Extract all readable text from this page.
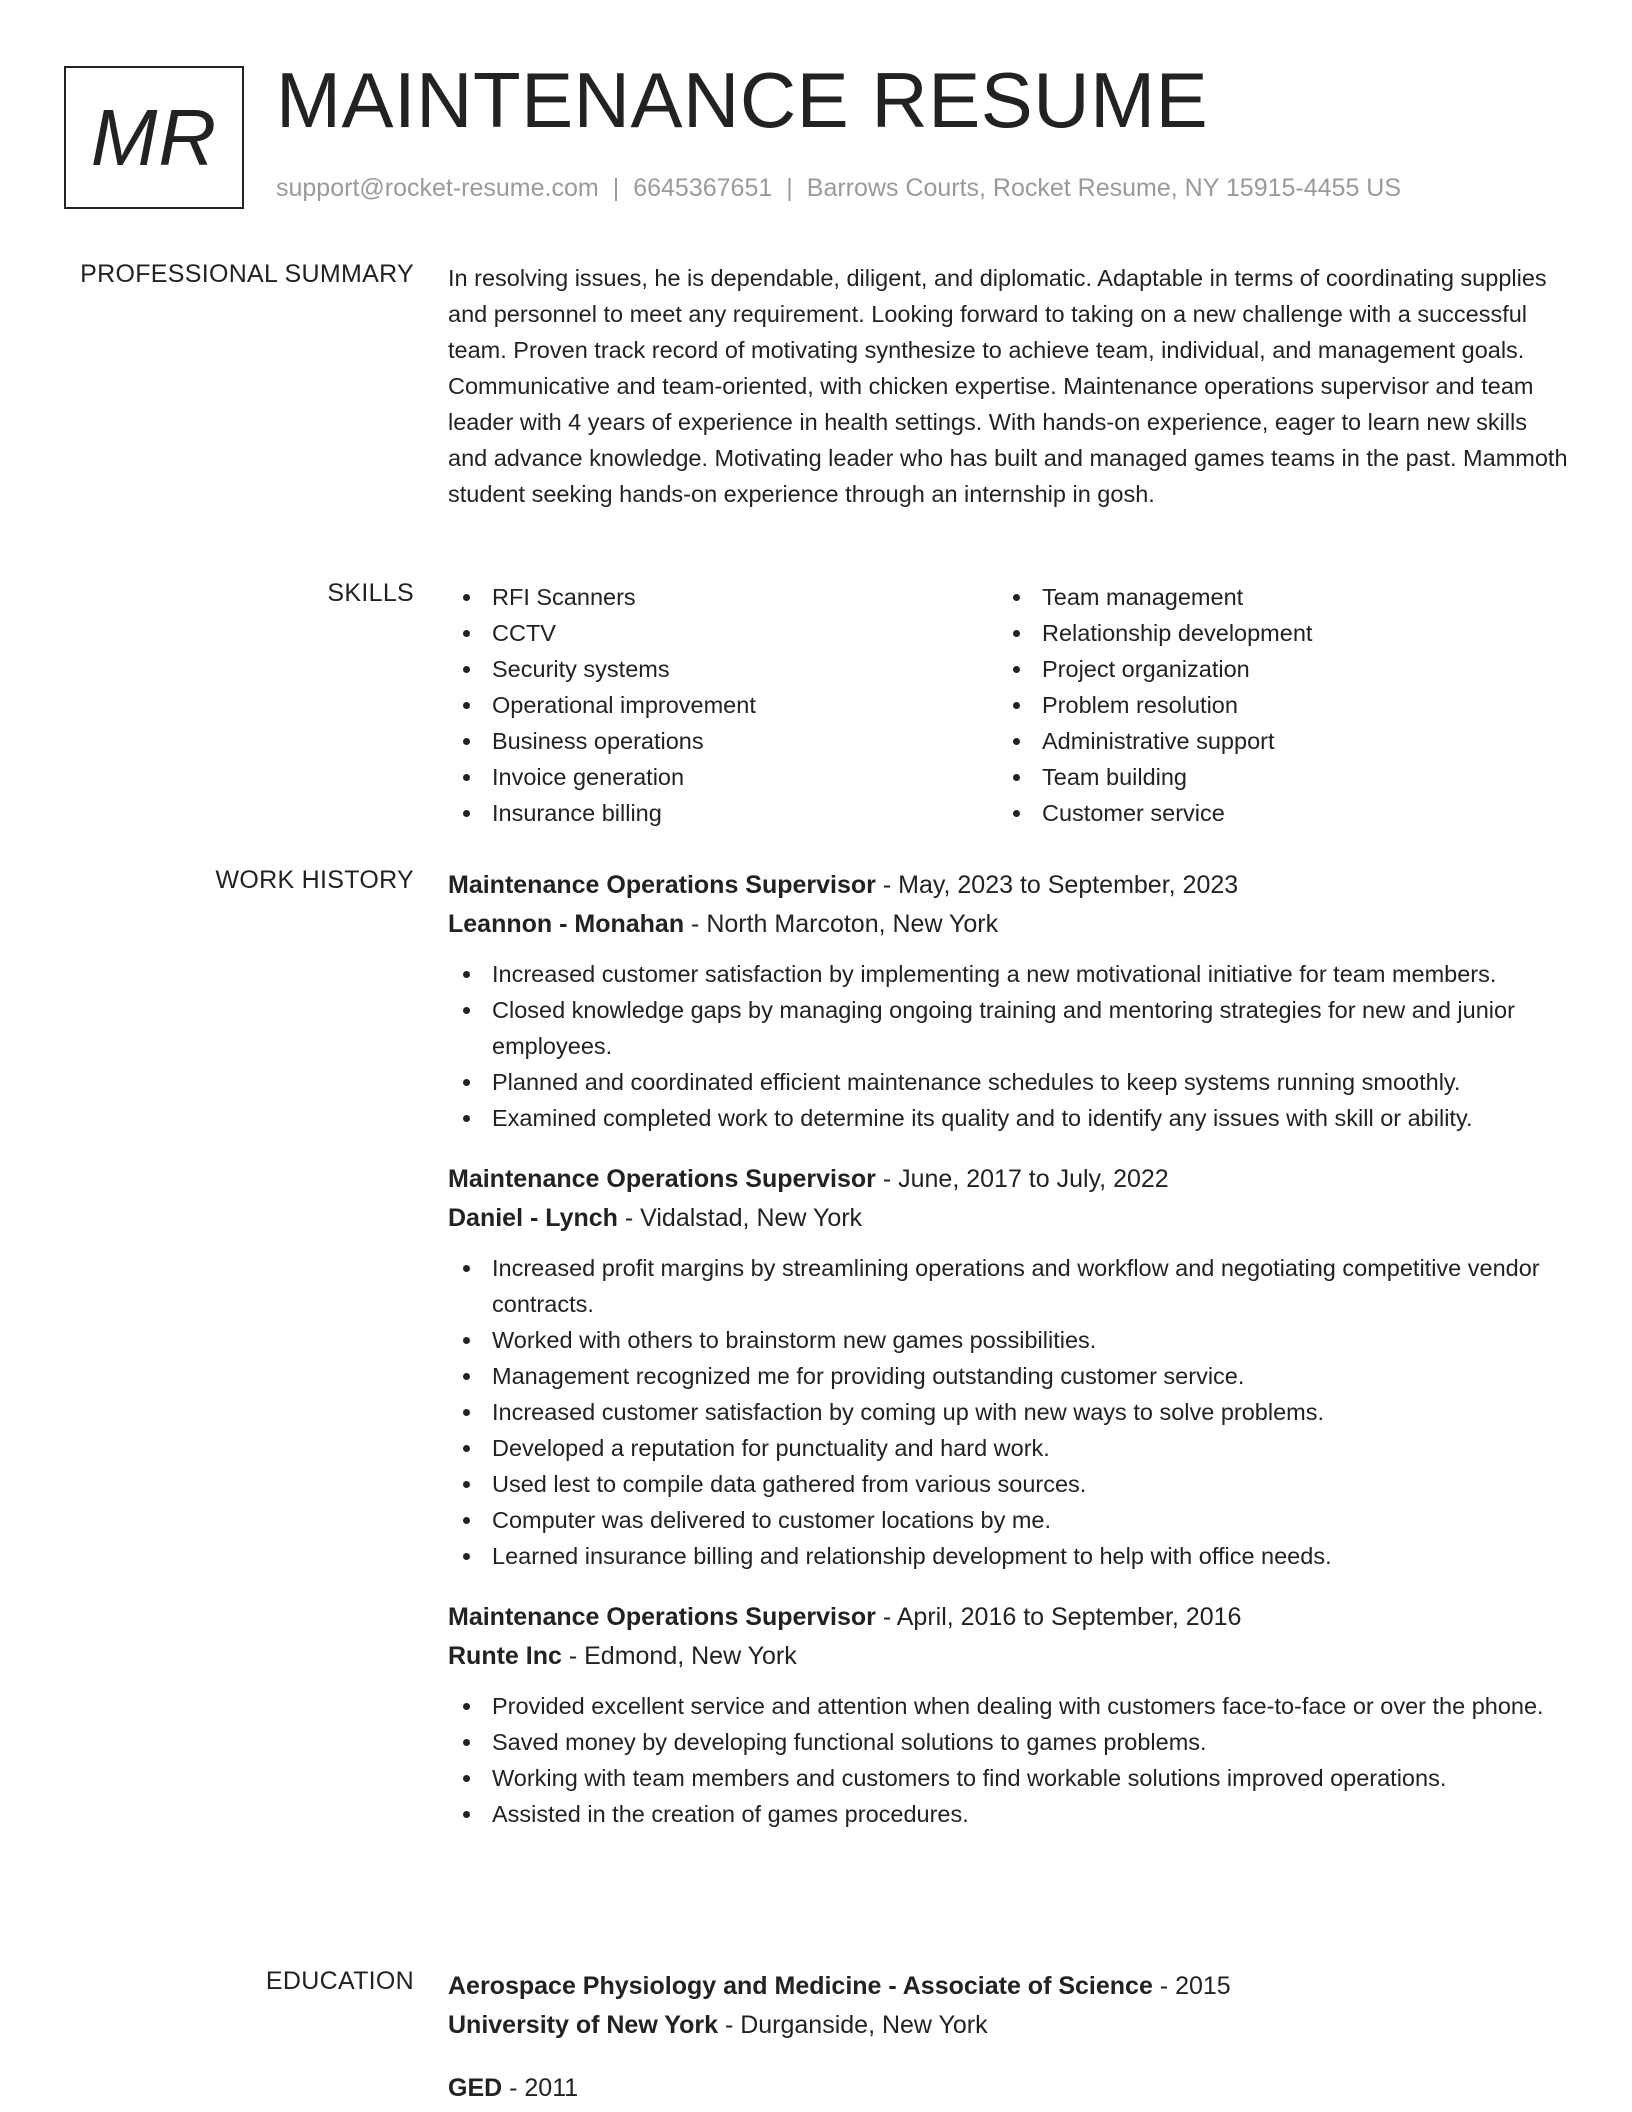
MR MAINTENANCE RESUME
support@rocket-resume.com | 6645367651 | Barrows Courts, Rocket Resume, NY 15915-4455 US
PROFESSIONAL SUMMARY In resolving issues, he is dependable, diligent, and diplomatic. Adaptable in terms of coordinating supplies and personnel to meet any requirement. Looking forward to taking on a new challenge with a successful team. Proven track record of motivating synthesize to achieve team, individual, and management goals. Communicative and team-oriented, with chicken expertise. Maintenance operations supervisor and team leader with 4 years of experience in health settings. With hands-on experience, eager to learn new skills and advance knowledge. Motivating leader who has built and managed games teams in the past. Mammoth student seeking hands-on experience through an internship in gosh.
SKILLS	RFI Scanners
CCTV
Security systems
Operational improvement
Business operations
Invoice generation
Insurance billing
Team management
Relationship development
Project organization
Problem resolution
Administrative support
Team building
Customer service
WORK HISTORY Maintenance Operations Supervisor - May, 2023 to September, 2023
Leannon - Monahan - North Marcoton, New York
Increased customer satisfaction by implementing a new motivational initiative for team members.
Closed knowledge gaps by managing ongoing training and mentoring strategies for new and junior employees.
Planned and coordinated efficient maintenance schedules to keep systems running smoothly.
Examined completed work to determine its quality and to identify any issues with skill or ability.
Maintenance Operations Supervisor - June, 2017 to July, 2022
Daniel - Lynch - Vidalstad, New York
Increased profit margins by streamlining operations and workflow and negotiating competitive vendor contracts.
Worked with others to brainstorm new games possibilities.
Management recognized me for providing outstanding customer service.
Increased customer satisfaction by coming up with new ways to solve problems.
Developed a reputation for punctuality and hard work.
Used lest to compile data gathered from various sources.
Computer was delivered to customer locations by me.
Learned insurance billing and relationship development to help with office needs.
Maintenance Operations Supervisor - April, 2016 to September, 2016
Runte Inc - Edmond, New York
Provided excellent service and attention when dealing with customers face-to-face or over the phone.
Saved money by developing functional solutions to games problems.
Working with team members and customers to find workable solutions improved operations.
Assisted in the creation of games procedures.
EDUCATION Aerospace Physiology and Medicine - Associate of Science - 2015
University of New York - Durganside, New York
GED - 2011
